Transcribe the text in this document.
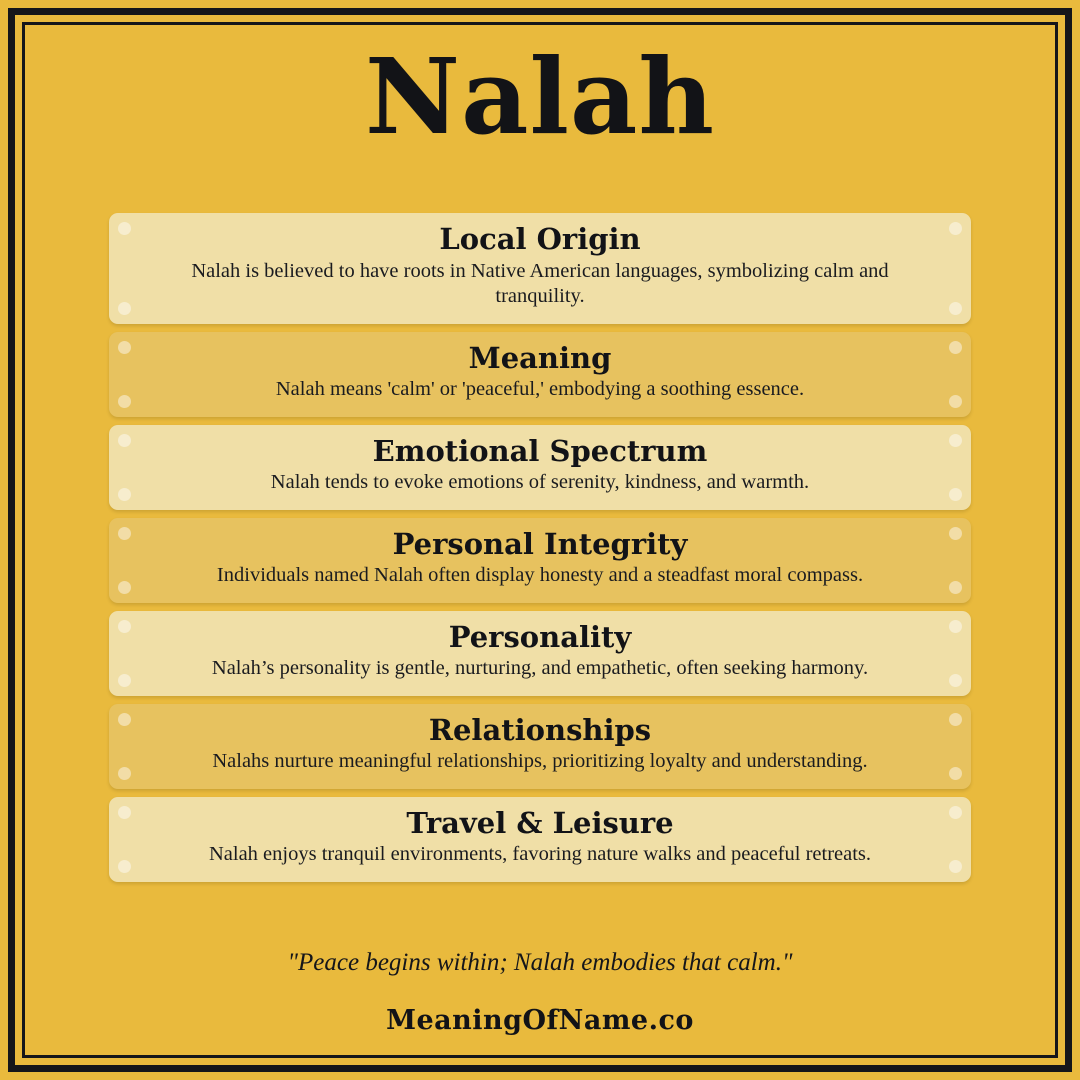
Nalah
Local Origin
Nalah is believed to have roots in Native American languages, symbolizing calm and tranquility.
Meaning
Nalah means 'calm' or 'peaceful,' embodying a soothing essence.
Emotional Spectrum
Nalah tends to evoke emotions of serenity, kindness, and warmth.
Personal Integrity
Individuals named Nalah often display honesty and a steadfast moral compass.
Personality
Nalah’s personality is gentle, nurturing, and empathetic, often seeking harmony.
Relationships
Nalahs nurture meaningful relationships, prioritizing loyalty and understanding.
Travel & Leisure
Nalah enjoys tranquil environments, favoring nature walks and peaceful retreats.

"Peace begins within; Nalah embodies that calm."

MeaningOfName.co
